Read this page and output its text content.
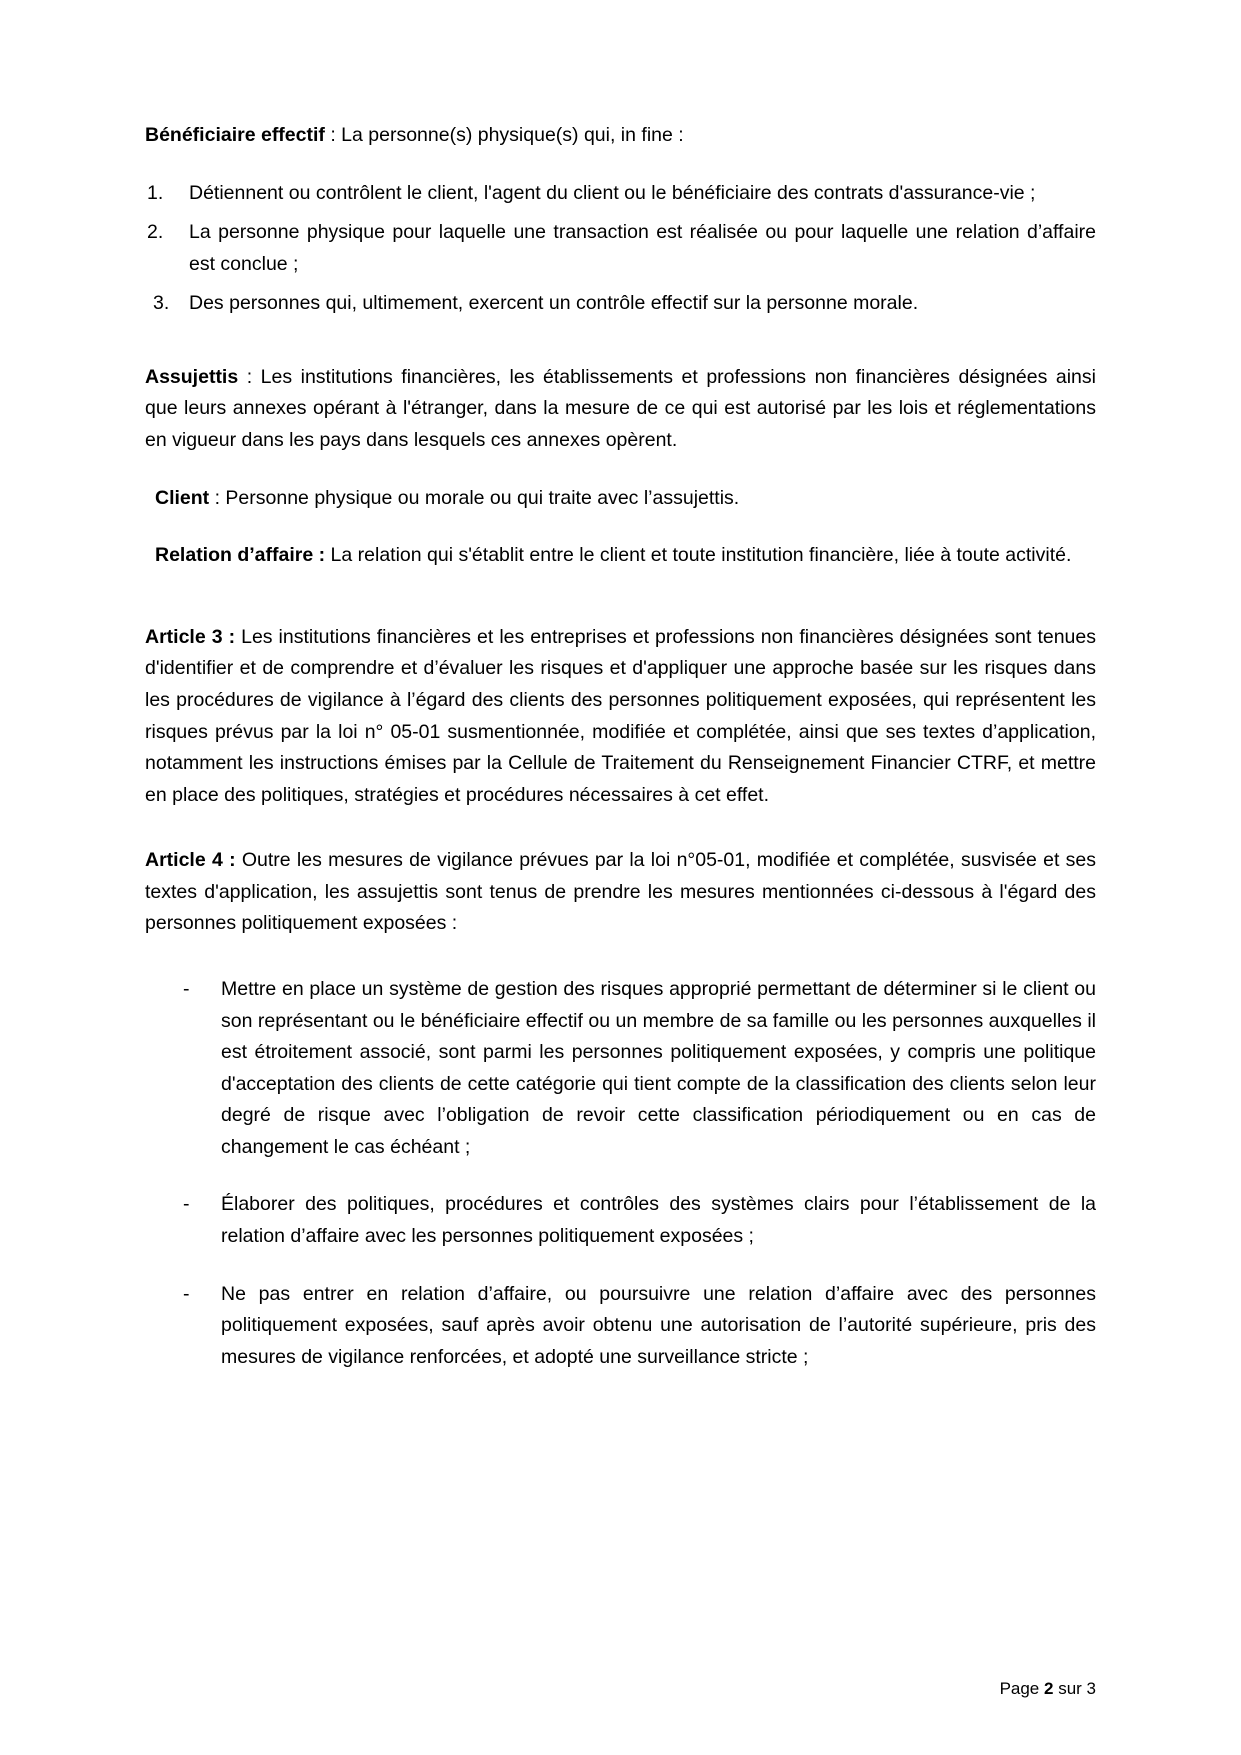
Bénéficiaire effectif : La personne(s) physique(s) qui, in fine :

1.	Détiennent ou contrôlent le client, l'agent du client ou le bénéficiaire des contrats d'assurance-vie ;
2.	La personne physique pour laquelle une transaction est réalisée ou pour laquelle une relation d’affaire est conclue ;
3.	Des personnes qui, ultimement, exercent un contrôle effectif sur la personne morale.

Assujettis : Les institutions financières, les établissements et professions non financières désignées ainsi que leurs annexes opérant à l'étranger, dans la mesure de ce qui est autorisé par les lois et réglementations en vigueur dans les pays dans lesquels ces annexes opèrent.

Client : Personne physique ou morale ou qui traite avec l’assujettis.

Relation d’affaire : La relation qui s'établit entre le client et toute institution financière, liée à toute activité.

Article 3 : Les institutions financières et les entreprises et professions non financières désignées sont tenues d'identifier et de comprendre et d’évaluer les risques et d'appliquer une approche basée sur les risques dans les procédures de vigilance à l’égard des clients des personnes politiquement exposées, qui représentent les risques prévus par la loi n° 05-01 susmentionnée, modifiée et complétée, ainsi que ses textes d’application, notamment les instructions émises par la Cellule de Traitement du Renseignement Financier CTRF, et mettre en place des politiques, stratégies et procédures nécessaires à cet effet.

Article 4 : Outre les mesures de vigilance prévues par la loi n°05-01, modifiée et complétée, susvisée et ses textes d'application, les assujettis sont tenus de prendre les mesures mentionnées ci-dessous à l'égard des personnes politiquement exposées :

-	Mettre en place un système de gestion des risques approprié permettant de déterminer si le client ou son représentant ou le bénéficiaire effectif ou un membre de sa famille ou les personnes auxquelles il est étroitement associé, sont parmi les personnes politiquement exposées, y compris une politique d'acceptation des clients de cette catégorie qui tient compte de la classification des clients selon leur degré de risque avec l’obligation de revoir cette classification périodiquement ou en cas de changement le cas échéant ;
-	Élaborer des politiques, procédures et contrôles des systèmes clairs pour l’établissement de la relation d’affaire avec les personnes politiquement exposées ;
-	Ne pas entrer en relation d’affaire, ou poursuivre une relation d’affaire avec des personnes politiquement exposées, sauf après avoir obtenu une autorisation de l’autorité supérieure, pris des mesures de vigilance renforcées, et adopté une surveillance stricte ;
Page 2 sur 3
